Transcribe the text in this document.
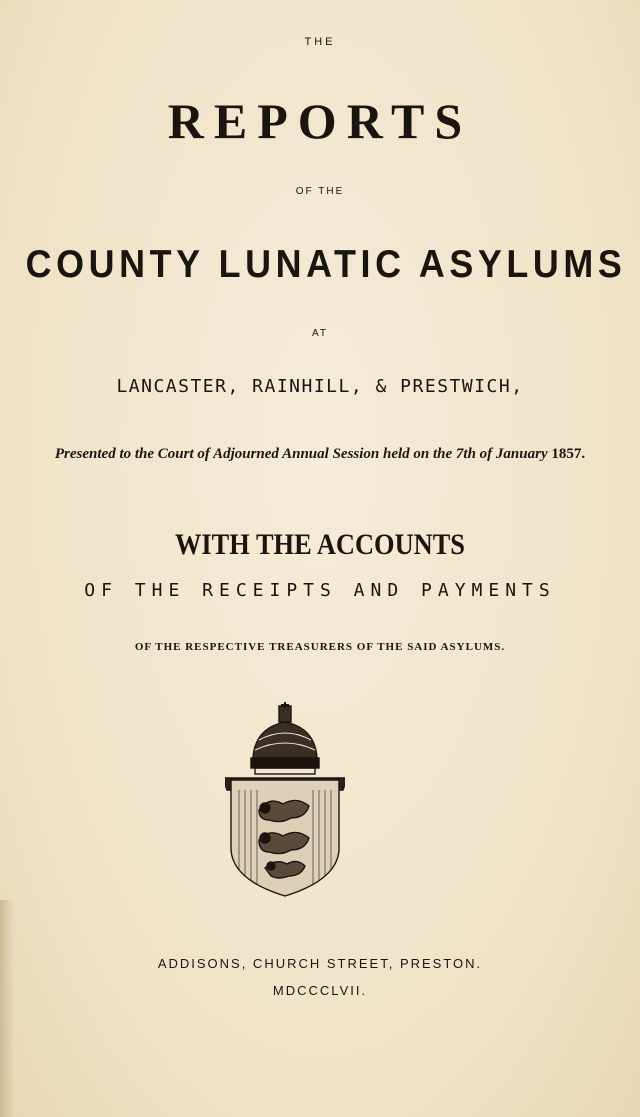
THE
REPORTS
OF THE
COUNTY LUNATIC ASYLUMS
AT
LANCASTER, RAINHILL, & PRESTWICH,
Presented to the Court of Adjourned Annual Session held on the 7th of January 1857.
WITH THE ACCOUNTS
OF THE RECEIPTS AND PAYMENTS
OF THE RESPECTIVE TREASURERS OF THE SAID ASYLUMS.
ADDISONS, CHURCH STREET, PRESTON.
MDCCCLVII.
